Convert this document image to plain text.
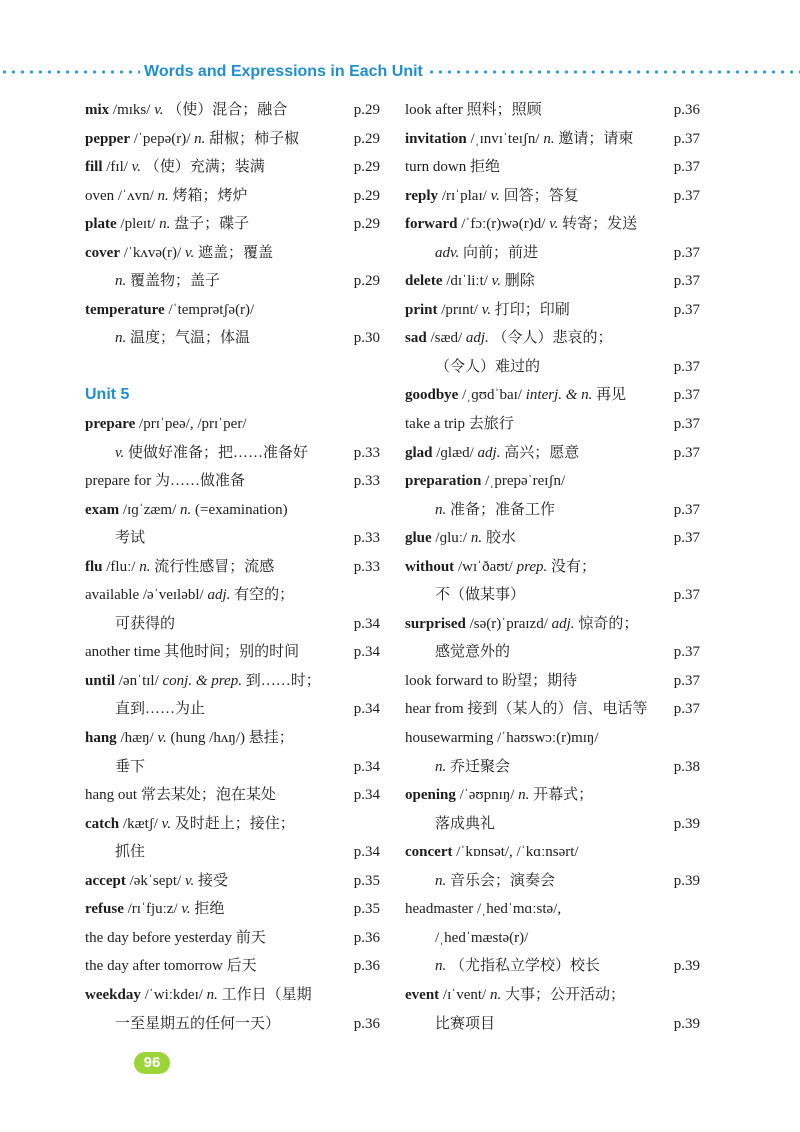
Words and Expressions in Each Unit
mix /mɪks/ v. （使）混合；融合	p.29
pepper /ˈpepə(r)/ n. 甜椒；柿子椒	p.29
fill /fɪl/ v. （使）充满；装满	p.29
oven /ˈʌvn/ n. 烤箱；烤炉	p.29
plate /pleɪt/ n. 盘子；碟子	p.29
cover /ˈkʌvə(r)/ v. 遮盖；覆盖
n. 覆盖物；盖子	p.29
temperature /ˈtemprətʃə(r)/
n. 温度；气温；体温	p.30
Unit 5
prepare /prɪˈpeə/, /prɪˈper/
v. 使做好准备；把……准备好	p.33
prepare for 为……做准备	p.33
exam /ɪɡˈzæm/ n. (=examination)
考试	p.33
flu /fluː/ n. 流行性感冒；流感	p.33
available /əˈveɪləbl/ adj. 有空的；
可获得的	p.34
another time 其他时间；别的时间	p.34
until /ənˈtɪl/ conj. & prep. 到……时；
直到……为止	p.34
hang /hæŋ/ v. (hung /hʌŋ/) 悬挂；
垂下	p.34
hang out 常去某处；泡在某处	p.34
catch /kætʃ/ v. 及时赶上；接住；
抓住	p.34
accept /əkˈsept/ v. 接受	p.35
refuse /rɪˈfjuːz/ v. 拒绝	p.35
the day before yesterday 前天	p.36
the day after tomorrow 后天	p.36
weekday /ˈwiːkdeɪ/ n. 工作日（星期
一至星期五的任何一天）	p.36
look after 照料；照顾	p.36
invitation /ˌɪnvɪˈteɪʃn/ n. 邀请；请柬	p.37
turn down 拒绝	p.37
reply /rɪˈplaɪ/ v. 回答；答复	p.37
forward /ˈfɔː(r)wə(r)d/ v. 转寄；发送
adv. 向前；前进	p.37
delete /dɪˈliːt/ v. 删除	p.37
print /prɪnt/ v. 打印；印刷	p.37
sad /sæd/ adj. （令人）悲哀的；
（令人）难过的	p.37
goodbye /ˌɡʊdˈbaɪ/ interj. & n. 再见	p.37
take a trip 去旅行	p.37
glad /ɡlæd/ adj. 高兴；愿意	p.37
preparation /ˌprepəˈreɪʃn/
n. 准备；准备工作	p.37
glue /ɡluː/ n. 胶水	p.37
without /wɪˈðaʊt/ prep. 没有；
不（做某事）	p.37
surprised /sə(r)ˈpraɪzd/ adj. 惊奇的；
感觉意外的	p.37
look forward to 盼望；期待	p.37
hear from 接到（某人的）信、电话等 p.37
housewarming /ˈhaʊswɔː(r)mɪŋ/
n. 乔迁聚会	p.38
opening /ˈəʊpnɪŋ/ n. 开幕式；
落成典礼	p.39
concert /ˈkɒnsət/, /ˈkɑːnsərt/
n. 音乐会；演奏会	p.39
headmaster /ˌhedˈmɑːstə/,
/ˌhedˈmæstə(r)/
n. （尤指私立学校）校长	p.39
event /ɪˈvent/ n. 大事；公开活动；
比赛项目	p.39
96
